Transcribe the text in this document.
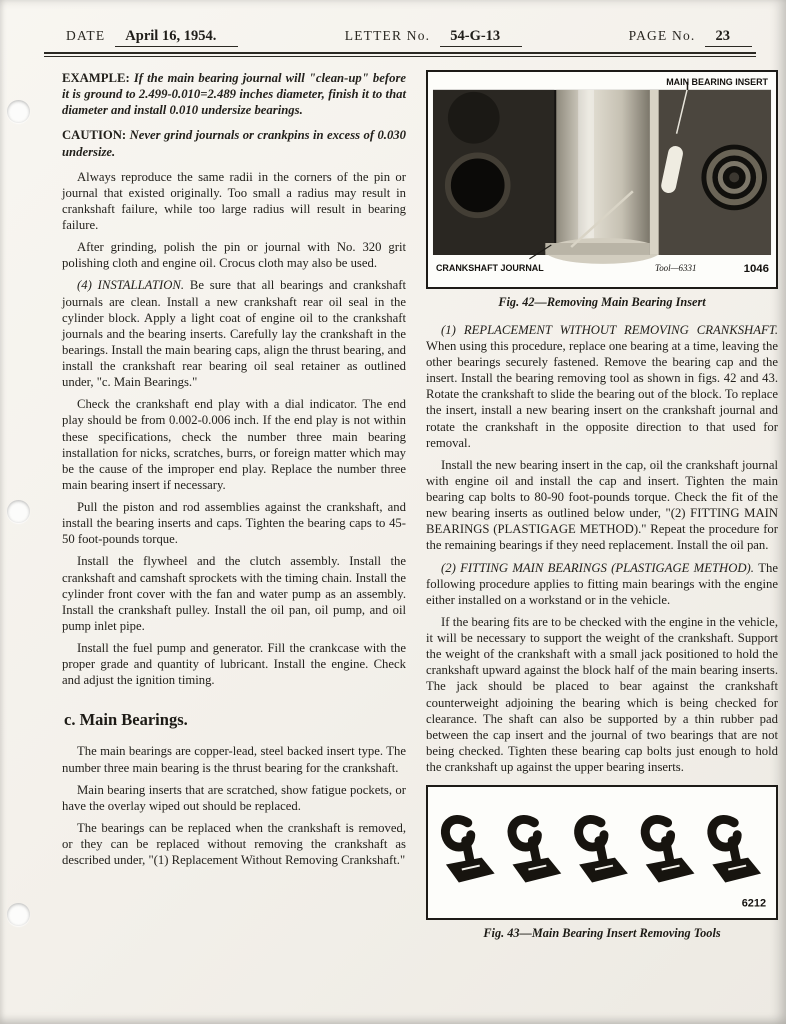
DATE	April 16, 1954.	LETTER No.	54-G-13	PAGE No.	23

EXAMPLE: If the main bearing journal will "clean-up" before it is ground to 2.499-0.010=2.489 inches diameter, finish it to that diameter and install 0.010 undersize bearings.

CAUTION: Never grind journals or crankpins in excess of 0.030 undersize.

Always reproduce the same radii in the corners of the pin or journal that existed originally. Too small a radius may result in crankshaft failure, while too large radius will result in bearing failure.

After grinding, polish the pin or journal with No. 320 grit polishing cloth and engine oil. Crocus cloth may also be used.

(4) INSTALLATION. Be sure that all bearings and crankshaft journals are clean. Install a new crankshaft rear oil seal in the cylinder block. Apply a light coat of engine oil to the crankshaft journals and the bearing inserts. Carefully lay the crankshaft in the bearings. Install the main bearing caps, align the thrust bearing, and install the crankshaft rear bearing oil seal retainer as outlined under, "c. Main Bearings."

Check the crankshaft end play with a dial indicator. The end play should be from 0.002-0.006 inch. If the end play is not within these specifications, check the number three main bearing installation for nicks, scratches, burrs, or foreign matter which may be the cause of the improper end play. Replace the number three main bearing insert if necessary.

Pull the piston and rod assemblies against the crankshaft, and install the bearing inserts and caps. Tighten the bearing caps to 45-50 foot-pounds torque.

Install the flywheel and the clutch assembly. Install the crankshaft and camshaft sprockets with the timing chain. Install the cylinder front cover with the fan and water pump as an assembly. Install the crankshaft pulley. Install the oil pan, oil pump, and oil pump inlet pipe.

Install the fuel pump and generator. Fill the crankcase with the proper grade and quantity of lubricant. Install the engine. Check and adjust the ignition timing.

c. Main Bearings.

The main bearings are copper-lead, steel backed insert type. The number three main bearing is the thrust bearing for the crankshaft.

Main bearing inserts that are scratched, show fatigue pockets, or have the overlay wiped out should be replaced.

The bearings can be replaced when the crankshaft is removed, or they can be replaced without removing the crankshaft as described under, "(1) Replacement Without Removing Crankshaft."

MAIN BEARING INSERT
CRANKSHAFT JOURNAL	Tool—6331	1046
Fig. 42—Removing Main Bearing Insert

(1) REPLACEMENT WITHOUT REMOVING CRANKSHAFT.When using this procedure, replace one bearing at a time, leaving the other bearings securely fastened. Remove the bearing cap and the insert. Install the bearing removing tool as shown in figs. 42 and 43. Rotate the crankshaft to slide the bearing out of the block. To replace the insert, install a new bearing insert on the crankshaft journal and rotate the crankshaft in the opposite direction to that used for removal.

Install the new bearing insert in the cap, oil the crankshaft journal with engine oil and install the cap and insert. Tighten the main bearing cap bolts to 80-90 foot-pounds torque. Check the fit of the new bearing inserts as outlined below under, "(2) FITTING MAIN BEARINGS (PLASTIGAGE METHOD)." Repeat the procedure for the remaining bearings if they need replacement. Install the oil pan.

(2) FITTING MAIN BEARINGS (PLASTIGAGE METHOD). The following procedure applies to fitting main bearings with the engine either installed on a workstand or in the vehicle.

If the bearing fits are to be checked with the engine in the vehicle, it will be necessary to support the weight of the crankshaft. Support the weight of the crankshaft with a small jack positioned to hold the crankshaft upward against the block half of the main bearing inserts. The jack should be placed to bear against the crankshaft counterweight adjoining the bearing which is being checked for clearance. The shaft can also be supported by a thin rubber pad between the cap insert and the journal of two bearings that are not being checked. Tighten these bearing cap bolts just enough to hold the crankshaft up against the upper bearing inserts.

6212
Fig. 43—Main Bearing Insert Removing Tools
